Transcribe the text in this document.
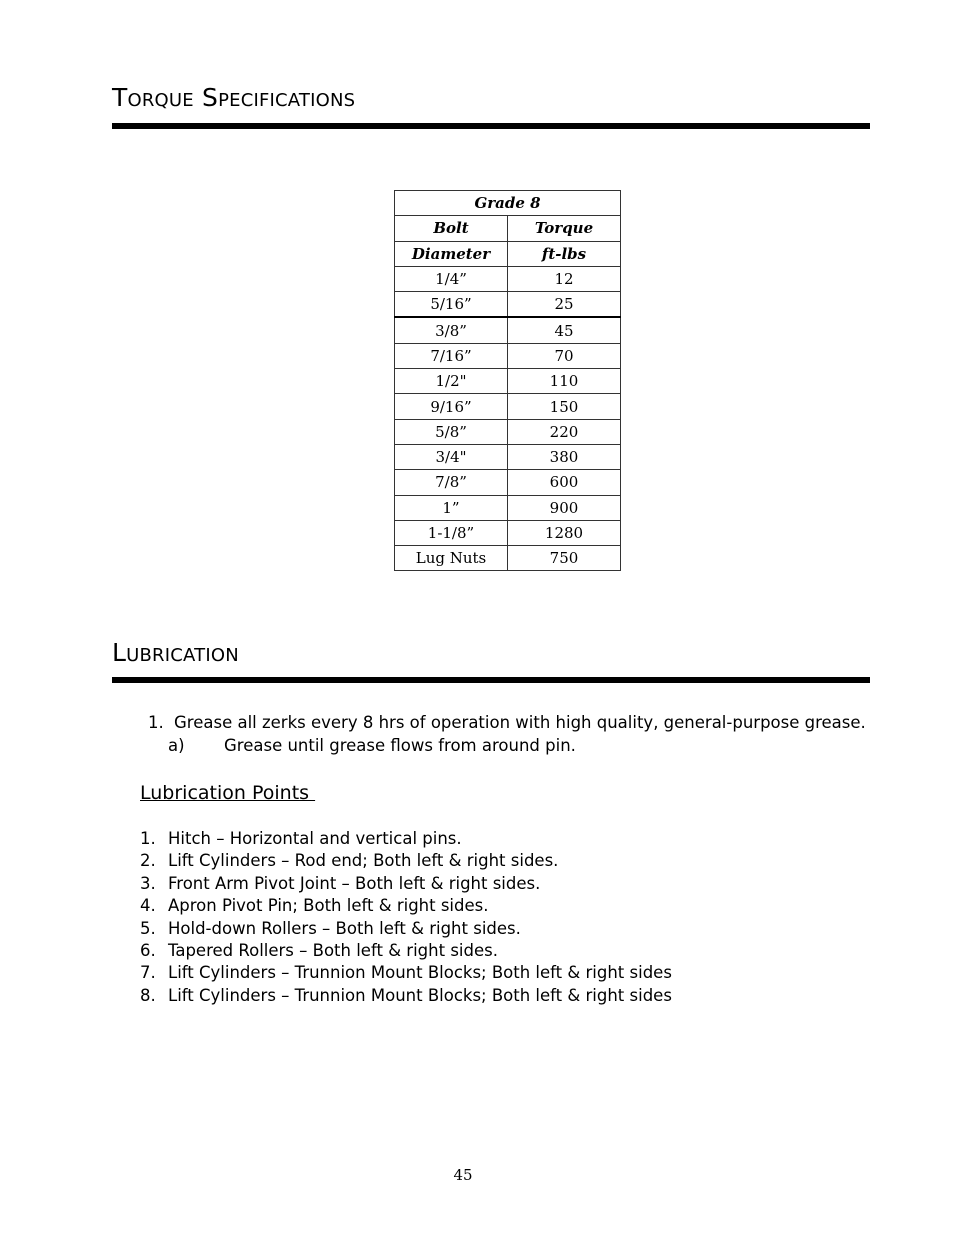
Torque Specifications
Grade 8	
Bolt	Torque
Diameter	ft-lbs
1/4”	12
5/16”	25
3/8”	45
7/16”	70
1/2"	110
9/16”	150
5/8”	220
3/4"	380
7/8”	600
1”	900
1-1/8”	1280
Lug Nuts	750
Lubrication
1. Grease all zerks every 8 hrs of operation with high quality, general-purpose grease.
a) Grease until grease flows from around pin.
Lubrication Points
1. Hitch – Horizontal and vertical pins.
2. Lift Cylinders – Rod end; Both left & right sides.
3. Front Arm Pivot Joint – Both left & right sides.
4. Apron Pivot Pin; Both left & right sides.
5. Hold-down Rollers – Both left & right sides.
6. Tapered Rollers – Both left & right sides.
7. Lift Cylinders – Trunnion Mount Blocks; Both left & right sides
8. Lift Cylinders – Trunnion Mount Blocks; Both left & right sides
45
